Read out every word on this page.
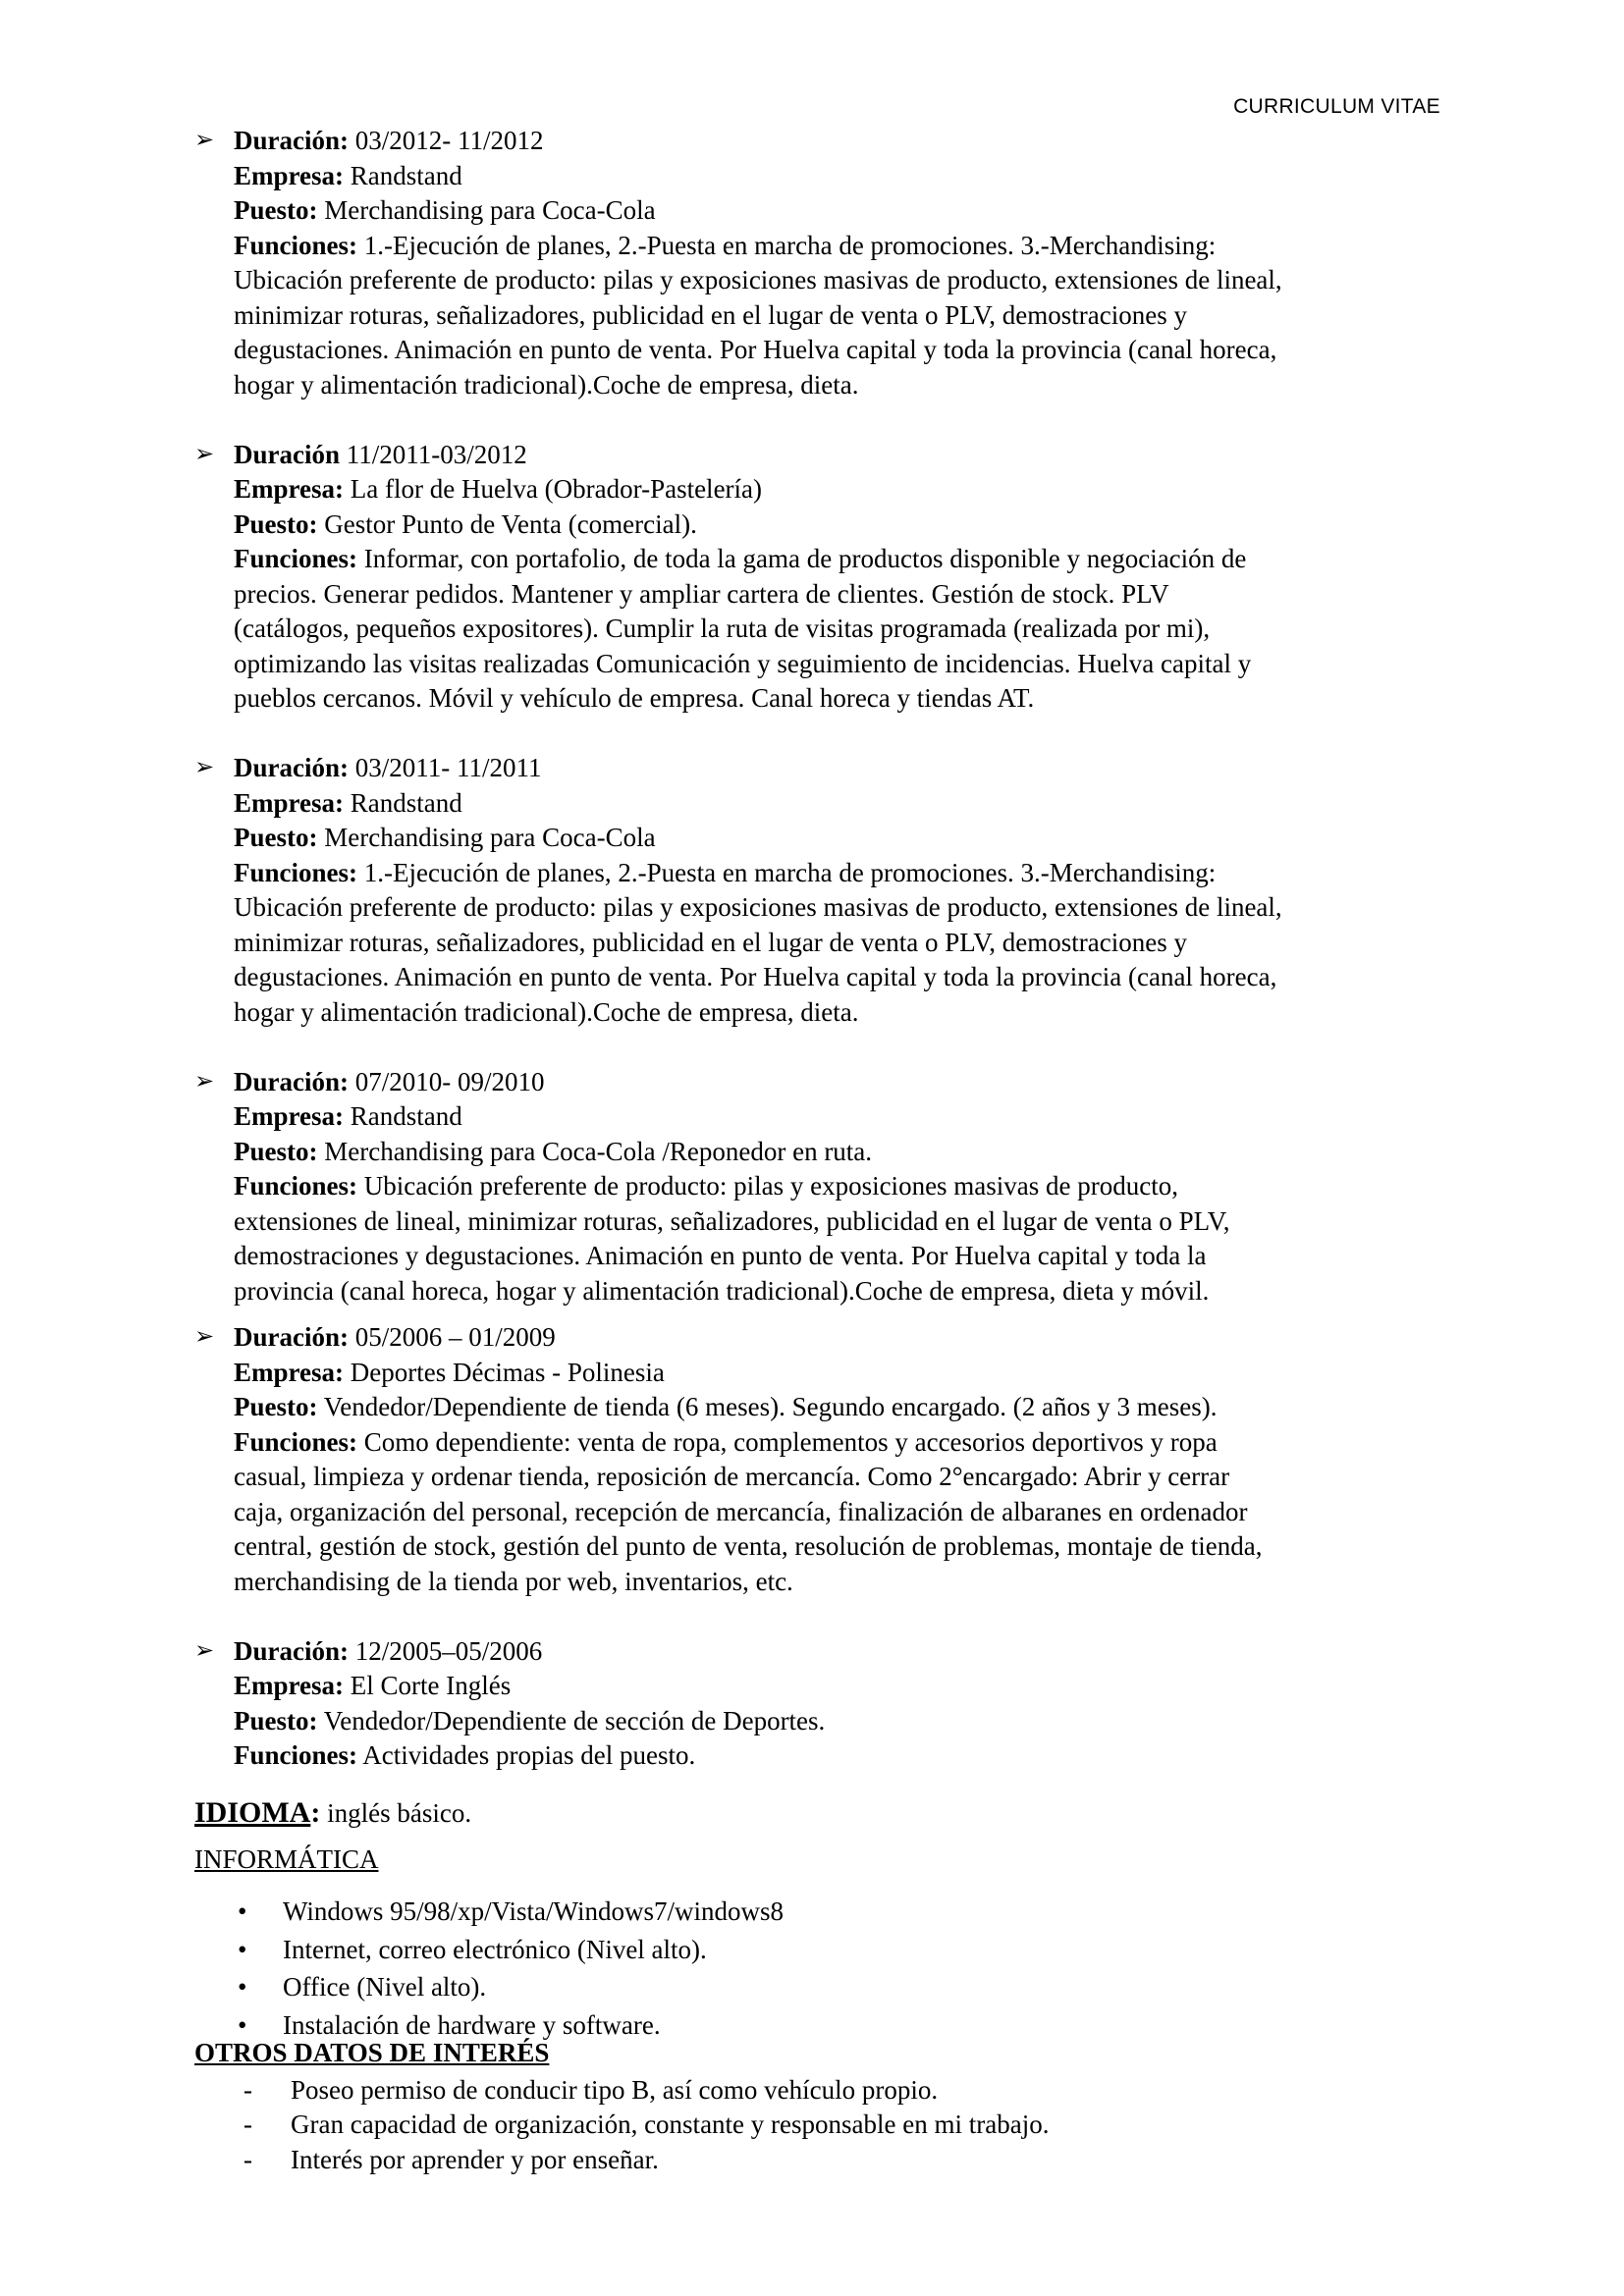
CURRICULUM VITAE
➢ Duración: 03/2012- 11/2012
Empresa: Randstand
Puesto: Merchandising para Coca-Cola
Funciones: 1.-Ejecución de planes, 2.-Puesta en marcha de promociones. 3.-Merchandising:
Ubicación preferente de producto: pilas y exposiciones masivas de producto, extensiones de lineal,
minimizar roturas, señalizadores, publicidad en el lugar de venta o PLV, demostraciones y
degustaciones. Animación en punto de venta. Por Huelva capital y toda la provincia (canal horeca,
hogar y alimentación tradicional).Coche de empresa, dieta.
➢ Duración 11/2011-03/2012
Empresa: La flor de Huelva (Obrador-Pastelería)
Puesto: Gestor Punto de Venta (comercial).
Funciones: Informar, con portafolio, de toda la gama de productos disponible y negociación de
precios. Generar pedidos. Mantener y ampliar cartera de clientes. Gestión de stock. PLV
(catálogos, pequeños expositores). Cumplir la ruta de visitas programada (realizada por mi),
optimizando las visitas realizadas Comunicación y seguimiento de incidencias. Huelva capital y
pueblos cercanos. Móvil y vehículo de empresa. Canal horeca y tiendas AT.
➢ Duración: 03/2011- 11/2011
Empresa: Randstand
Puesto: Merchandising para Coca-Cola
Funciones: 1.-Ejecución de planes, 2.-Puesta en marcha de promociones. 3.-Merchandising:
Ubicación preferente de producto: pilas y exposiciones masivas de producto, extensiones de lineal,
minimizar roturas, señalizadores, publicidad en el lugar de venta o PLV, demostraciones y
degustaciones. Animación en punto de venta. Por Huelva capital y toda la provincia (canal horeca,
hogar y alimentación tradicional).Coche de empresa, dieta.
➢ Duración: 07/2010- 09/2010
Empresa: Randstand
Puesto: Merchandising para Coca-Cola /Reponedor en ruta.
Funciones: Ubicación preferente de producto: pilas y exposiciones masivas de producto,
extensiones de lineal, minimizar roturas, señalizadores, publicidad en el lugar de venta o PLV,
demostraciones y degustaciones. Animación en punto de venta. Por Huelva capital y toda la
provincia (canal horeca, hogar y alimentación tradicional).Coche de empresa, dieta y móvil.
➢ Duración: 05/2006 – 01/2009
Empresa: Deportes Décimas - Polinesia
Puesto: Vendedor/Dependiente de tienda (6 meses). Segundo encargado. (2 años y 3 meses).
Funciones: Como dependiente: venta de ropa, complementos y accesorios deportivos y ropa
casual, limpieza y ordenar tienda, reposición de mercancía. Como 2°encargado: Abrir y cerrar
caja, organización del personal, recepción de mercancía, finalización de albaranes en ordenador
central, gestión de stock, gestión del punto de venta, resolución de problemas, montaje de tienda,
merchandising de la tienda por web, inventarios, etc.
➢ Duración: 12/2005–05/2006
Empresa: El Corte Inglés
Puesto: Vendedor/Dependiente de sección de Deportes.
Funciones: Actividades propias del puesto.
IDIOMA: inglés básico.
INFORMÁTICA
• Windows 95/98/xp/Vista/Windows7/windows8
• Internet, correo electrónico (Nivel alto).
• Office (Nivel alto).
• Instalación de hardware y software.
OTROS DATOS DE INTERÉS
- Poseo permiso de conducir tipo B, así como vehículo propio.
- Gran capacidad de organización, constante y responsable en mi trabajo.
- Interés por aprender y por enseñar.
